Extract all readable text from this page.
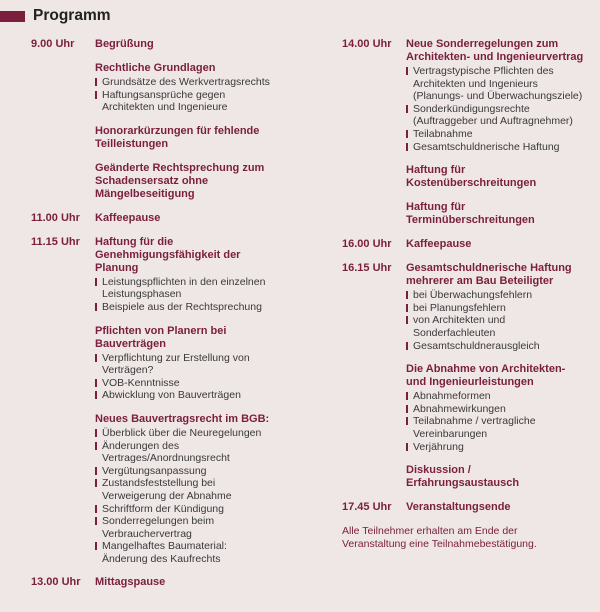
Programm
9.00 Uhr	Begrüßung
Rechtliche Grundlagen
Grundsätze des Werkvertragsrechts
Haftungsansprüche gegen Architekten und Ingenieure
Honorarkürzungen für fehlende Teilleistungen
Geänderte Rechtsprechung zum Schadensersatz ohne Mängelbeseitigung
11.00 Uhr	Kaffeepause
11.15 Uhr	Haftung für die Genehmigungsfähigkeit der Planung
Leistungspflichten in den einzelnen Leistungsphasen
Beispiele aus der Rechtsprechung
Pflichten von Planern bei Bauverträgen
Verpflichtung zur Erstellung von Verträgen?
VOB-Kenntnisse
Abwicklung von Bauverträgen
Neues Bauvertragsrecht im BGB:
Überblick über die Neuregelungen
Änderungen des Vertrages/Anordnungsrecht
Vergütungsanpassung
Zustandsfeststellung bei Verweigerung der Abnahme
Schriftform der Kündigung
Sonderregelungen beim Verbrauchervertrag
Mangelhaftes Baumaterial: Änderung des Kaufrechts
13.00 Uhr	Mittagspause
14.00 Uhr	Neue Sonderregelungen zum Architekten- und Ingenieurvertrag
Vertragstypische Pflichten des Architekten und Ingenieurs (Planungs- und Überwachungsziele)
Sonderkündigungsrechte (Auftraggeber und Auftragnehmer)
Teilabnahme
Gesamtschuldnerische Haftung
Haftung für Kostenüberschreitungen
Haftung für Terminüberschreitungen
16.00 Uhr	Kaffeepause
16.15 Uhr	Gesamtschuldnerische Haftung mehrerer am Bau Beteiligter
bei Überwachungsfehlern
bei Planungsfehlern
von Architekten und Sonderfachleuten
Gesamtschuldnerausgleich
Die Abnahme von Architekten- und Ingenieurleistungen
Abnahmeformen
Abnahmewirkungen
Teilabnahme / vertragliche Vereinbarungen
Verjährung
Diskussion / Erfahrungsaustausch
17.45 Uhr	Veranstaltungsende
Alle Teilnehmer erhalten am Ende der Veranstaltung eine Teilnahmebestätigung.
